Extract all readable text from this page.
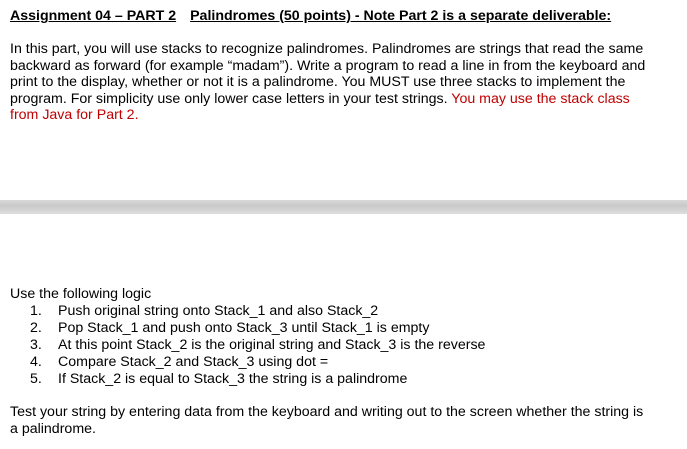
Assignment 04 – PART 2 Palindromes (50 points) - Note Part 2 is a separate deliverable:
In this part, you will use stacks to recognize palindromes. Palindromes are strings that read the same
backward as forward (for example “madam”). Write a program to read a line in from the keyboard and
print to the display, whether or not it is a palindrome. You MUST use three stacks to implement the
program. For simplicity use only lower case letters in your test strings. You may use the stack class
from Java for Part 2.
Use the following logic
1. Push original string onto Stack_1 and also Stack_2
2. Pop Stack_1 and push onto Stack_3 until Stack_1 is empty
3. At this point Stack_2 is the original string and Stack_3 is the reverse
4. Compare Stack_2 and Stack_3 using dot =
5. If Stack_2 is equal to Stack_3 the string is a palindrome
Test your string by entering data from the keyboard and writing out to the screen whether the string is
a palindrome.
